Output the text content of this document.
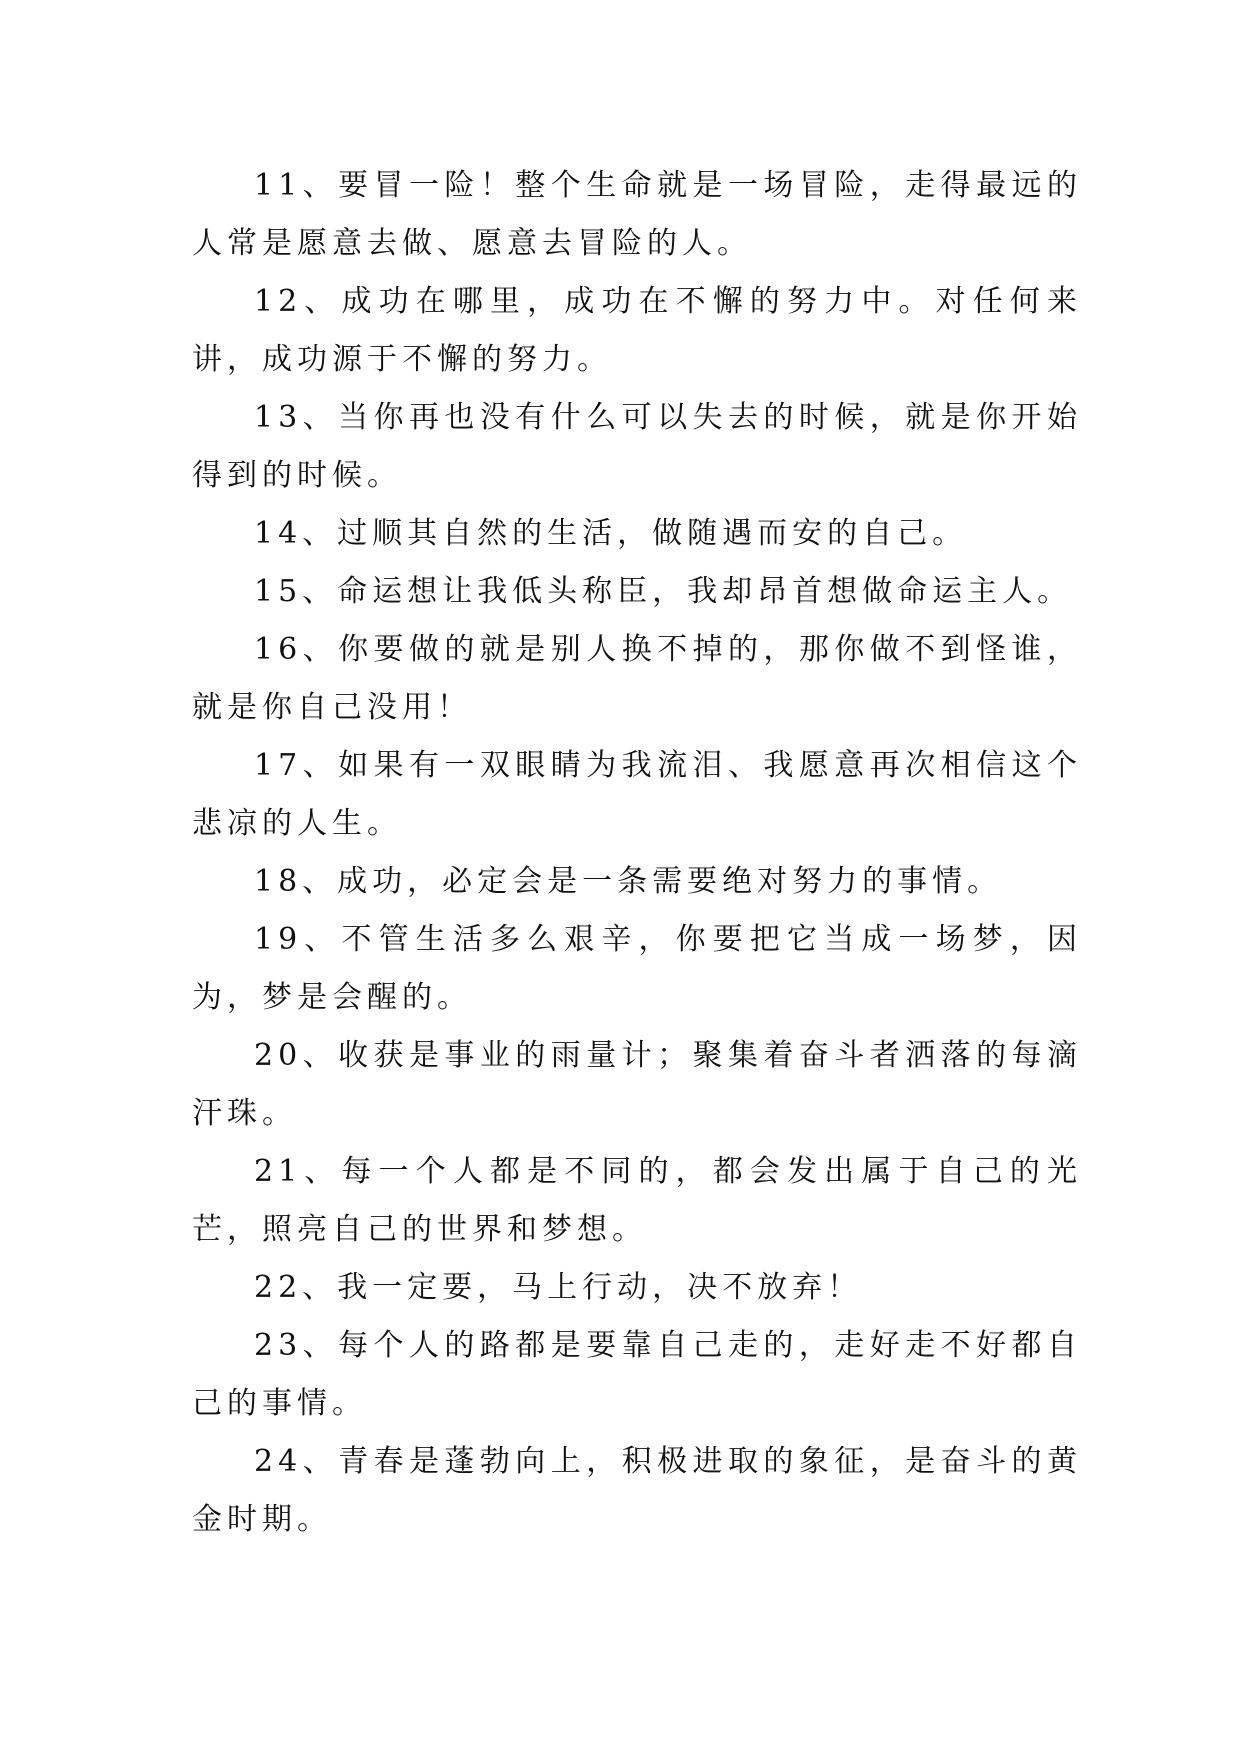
11、要冒一险！整个生命就是一场冒险，走得最远的人常是愿意去做、愿意去冒险的人。

12、成功在哪里，成功在不懈的努力中。对任何来讲，成功源于不懈的努力。

13、当你再也没有什么可以失去的时候，就是你开始得到的时候。

14、过顺其自然的生活，做随遇而安的自己。

15、命运想让我低头称臣，我却昂首想做命运主人。

16、你要做的就是别人换不掉的，那你做不到怪谁，就是你自己没用！

17、如果有一双眼睛为我流泪、我愿意再次相信这个悲凉的人生。

18、成功，必定会是一条需要绝对努力的事情。

19、不管生活多么艰辛，你要把它当成一场梦，因为，梦是会醒的。

20、收获是事业的雨量计；聚集着奋斗者洒落的每滴汗珠。

21、每一个人都是不同的，都会发出属于自己的光芒，照亮自己的世界和梦想。

22、我一定要，马上行动，决不放弃！

23、每个人的路都是要靠自己走的，走好走不好都自己的事情。

24、青春是蓬勃向上，积极进取的象征，是奋斗的黄金时期。
